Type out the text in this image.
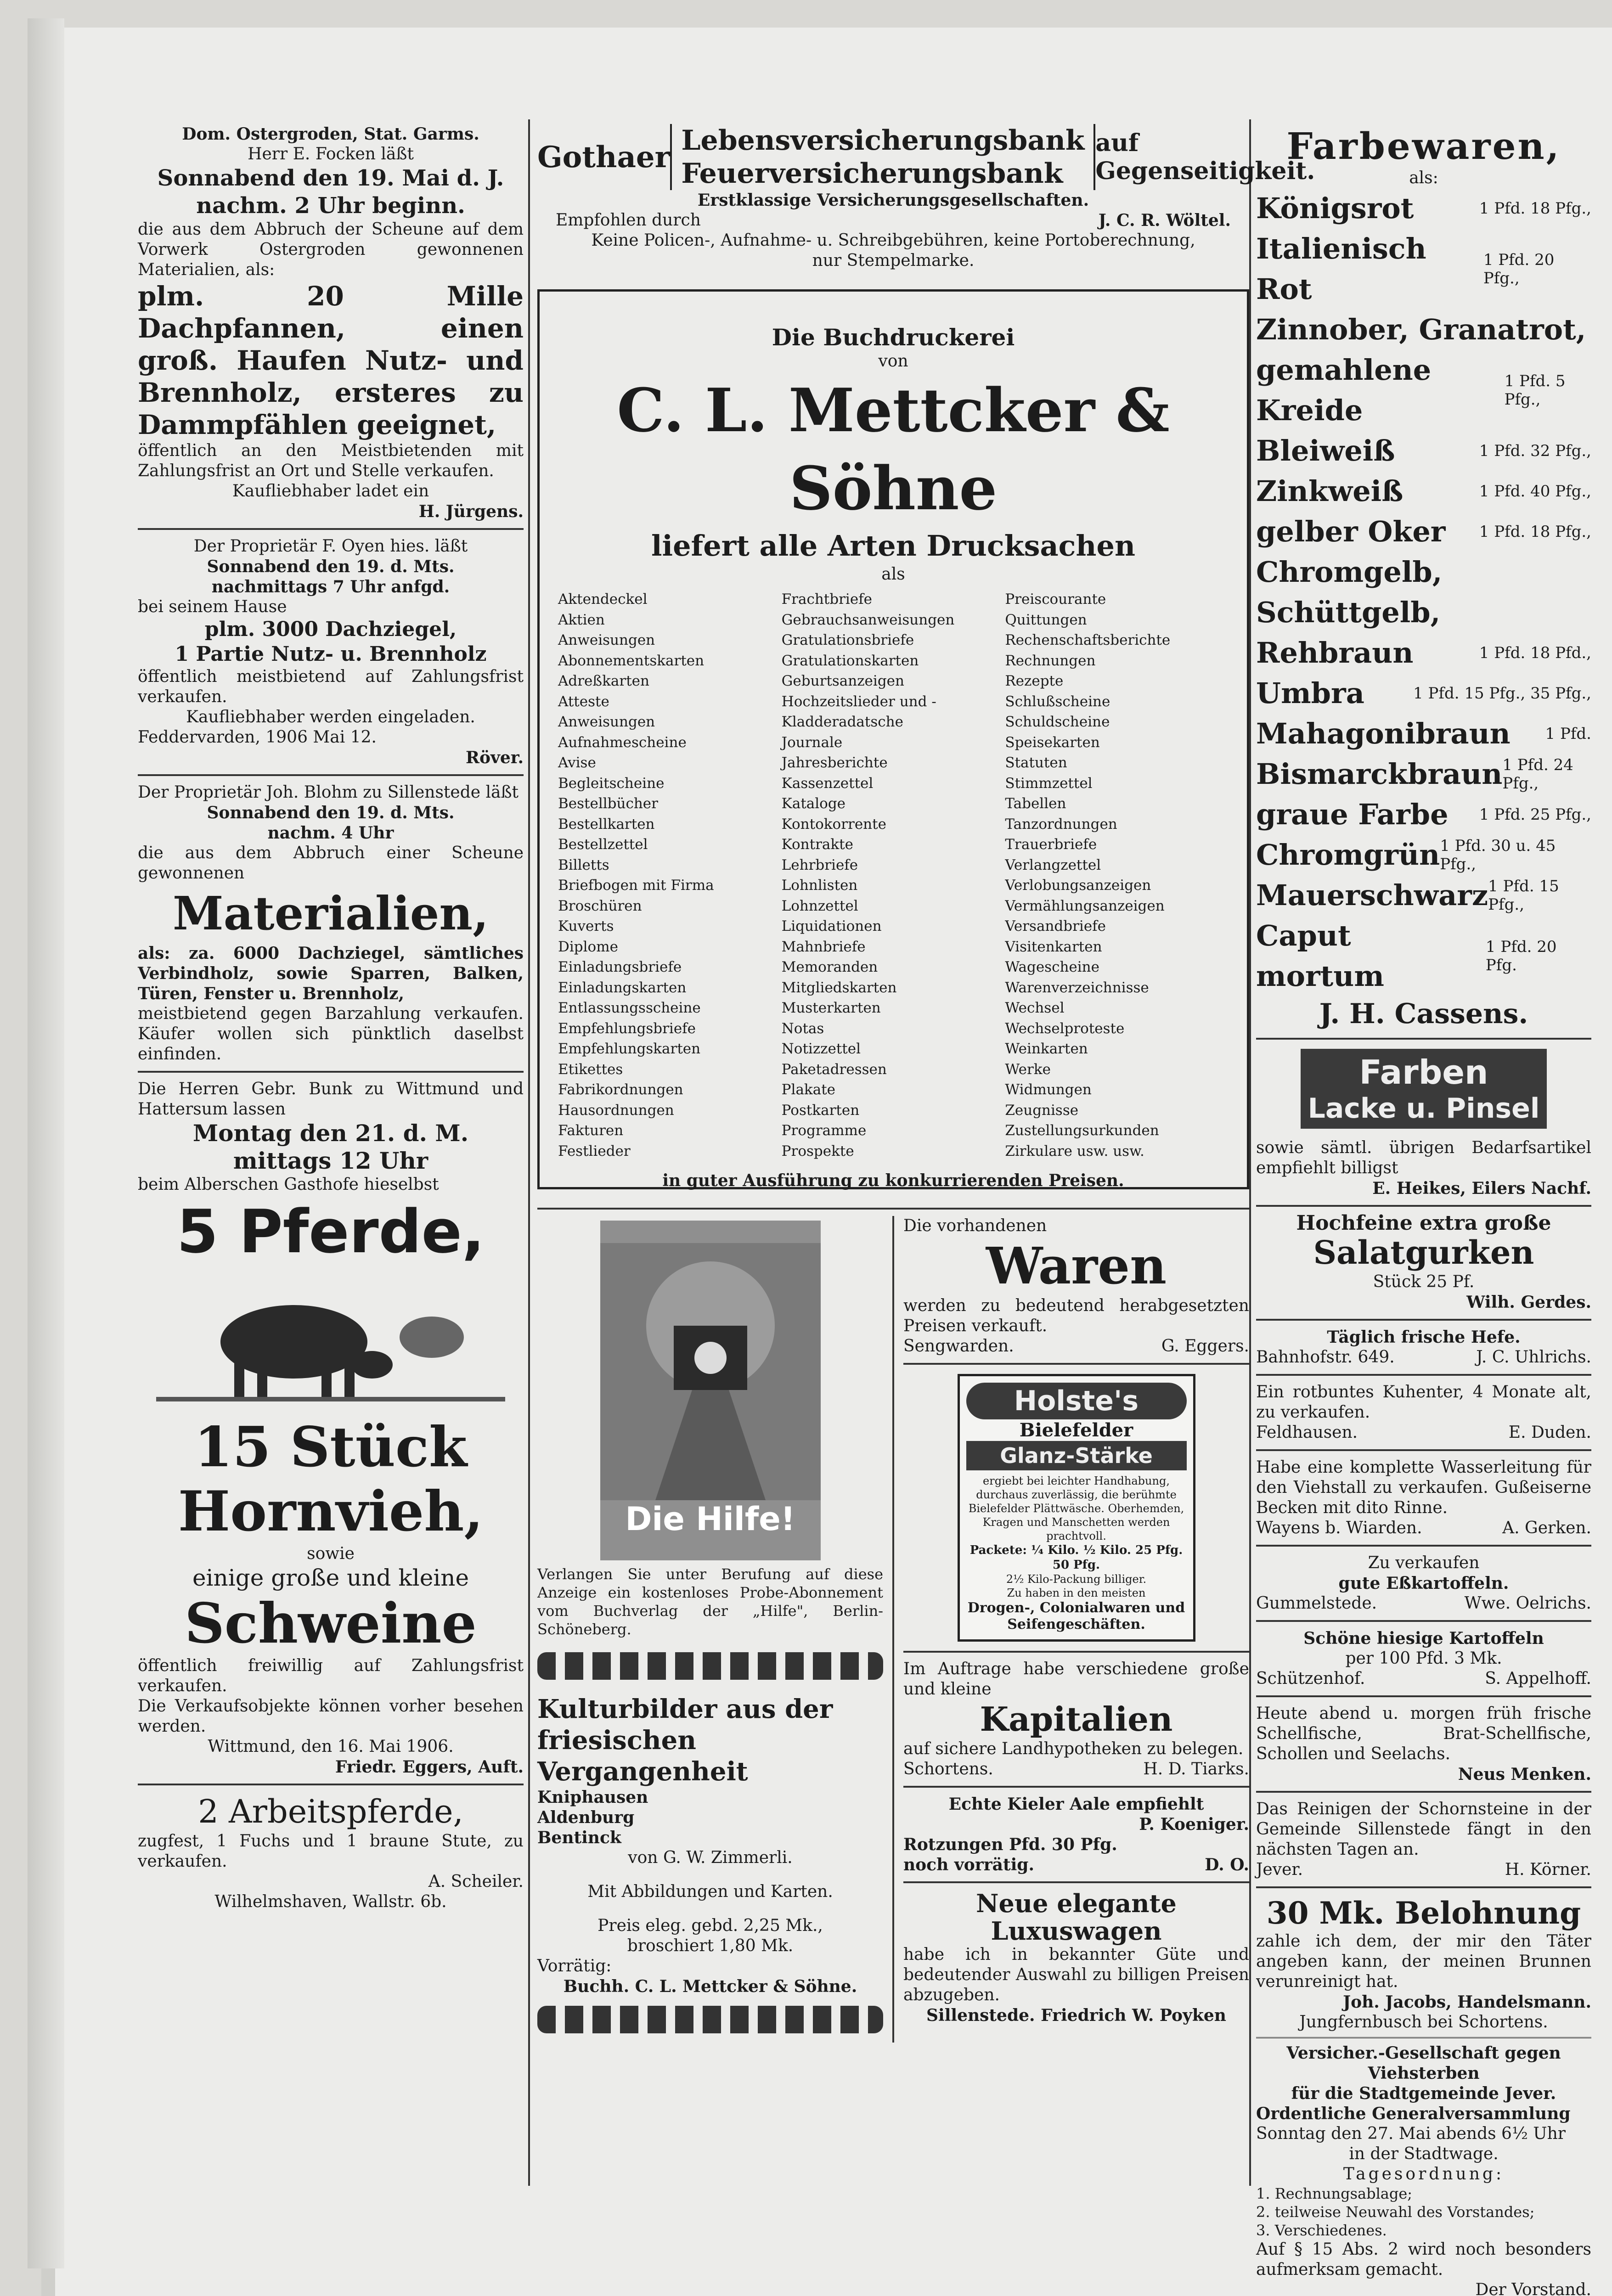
Dom. Ostergroden, Stat. Garms.
Herr E. Focken läßt
Sonnabend den 19. Mai d. J.
nachm. 2 Uhr beginn.
die aus dem Abbruch der Scheune auf dem Vorwerk Ostergroden gewonnenen Materialien, als:
plm. 20 Mille Dachpfannen, einen groß. Haufen Nutz- und Brennholz, ersteres zu Dammpfählen geeignet,
öffentlich an den Meistbietenden mit Zahlungsfrist an Ort und Stelle verkaufen.
Kaufliebhaber ladet ein
H. Jürgens.
Der Proprietär F. Oyen hies. läßt
Sonnabend den 19. d. Mts.
nachmittags 7 Uhr anfgd.
bei seinem Hause
plm. 3000 Dachziegel,
1 Partie Nutz- u. Brennholz
öffentlich meistbietend auf Zahlungsfrist verkaufen.
Kaufliebhaber werden eingeladen.
Feddervarden, 1906 Mai 12.
Röver.
Der Proprietär Joh. Blohm zu Sillenstede läßt
Sonnabend den 19. d. Mts.
nachm. 4 Uhr
die aus dem Abbruch einer Scheune gewonnenen
Materialien,
als: za. 6000 Dachziegel, sämtliches Verbindholz, sowie Sparren, Balken, Türen, Fenster u. Brennholz,
meistbietend gegen Barzahlung verkaufen. Käufer wollen sich pünktlich daselbst einfinden.
Die Herren Gebr. Bunk zu Wittmund und Hattersum lassen
Montag den 21. d. M.
mittags 12 Uhr
beim Alberschen Gasthofe hieselbst
5 Pferde,
15 Stück
Hornvieh,
sowie
einige große und kleine
Schweine
öffentlich freiwillig auf Zahlungsfrist verkaufen.
Die Verkaufsobjekte können vorher besehen werden.
Wittmund, den 16. Mai 1906.
Friedr. Eggers, Auft.
2 Arbeitspferde,
zugfest, 1 Fuchs und 1 braune Stute, zu verkaufen.
A. Scheiler.
Wilhelmshaven, Wallstr. 6b.
Gothaer Lebensversicherungsbank
Feuerversicherungsbank
auf Gegenseitigkeit.
Erstklassige Versicherungsgesellschaften.
Empfohlen durch	J. C. R. Wöltel.
Keine Policen-, Aufnahme- u. Schreibgebühren, keine Portoberechnung,
nur Stempelmarke.
Die Buchdruckerei
von
C. L. Mettcker & Söhne
liefert alle Arten Drucksachen
als
Aktendeckel
Aktien
Anweisungen
Abonnementskarten
Adreßkarten
Atteste
Anweisungen
Aufnahmescheine
Avise
Begleitscheine
Bestellbücher
Bestellkarten
Bestellzettel
Billetts
Briefbogen mit Firma
Broschüren
Kuverts
Diplome
Einladungsbriefe
Einladungskarten
Entlassungsscheine
Empfehlungsbriefe
Empfehlungskarten
Etikettes
Fabrikordnungen
Hausordnungen
Fakturen
Festlieder
Frachtbriefe
Gebrauchsanweisungen
Gratulationsbriefe
Gratulationskarten
Geburtsanzeigen
Hochzeitslieder und -Kladderadatsche
Journale
Jahresberichte
Kassenzettel
Kataloge
Kontokorrente
Kontrakte
Lehrbriefe
Lohnlisten
Lohnzettel
Liquidationen
Mahnbriefe
Memoranden
Mitgliedskarten
Musterkarten
Notas
Notizzettel
Paketadressen
Plakate
Postkarten
Programme
Prospekte
Preiscourante
Quittungen
Rechenschaftsberichte
Rechnungen
Rezepte
Schlußscheine
Schuldscheine
Speisekarten
Statuten
Stimmzettel
Tabellen
Tanzordnungen
Trauerbriefe
Verlangzettel
Verlobungsanzeigen
Vermählungsanzeigen
Versandbriefe
Visitenkarten
Wagescheine
Warenverzeichnisse
Wechsel
Wechselproteste
Weinkarten
Werke
Widmungen
Zeugnisse
Zustellungsurkunden
Zirkulare usw. usw.
in guter Ausführung zu konkurrierenden Preisen.
Die Hilfe!
Verlangen Sie unter Berufung auf diese Anzeige ein kostenloses Probe-Abonnement vom Buchverlag der „Hilfe", Berlin-Schöneberg.
Kulturbilder aus der
friesischen Vergangenheit
Kniphausen
Aldenburg
Bentinck
von G. W. Zimmerli.
Mit Abbildungen und Karten.
Preis eleg. gebd. 2,25 Mk.,
broschiert 1,80 Mk.
Vorrätig:
Buchh. C. L. Mettcker & Söhne.
Die vorhandenen
Waren
werden zu bedeutend herabgesetzten Preisen verkauft.
Sengwarden.	G. Eggers.
Holste's
Bielefelder
Glanz-Stärke
ergiebt bei leichter Handhabung, durchaus zuverlässig, die berühmte Bielefelder Plättwäsche. Oberhemden, Kragen und Manschetten werden prachtvoll.
Packete: ¼ Kilo. ½ Kilo. 25 Pfg. 50 Pfg.
2½ Kilo-Packung billiger.
Zu haben in den meisten
Drogen-, Colonialwaren und Seifengeschäften.
Im Auftrage habe verschiedene große und kleine
Kapitalien
auf sichere Landhypotheken zu belegen.
Schortens.	H. D. Tiarks.
Echte Kieler Aale empfiehlt
P. Koeniger.
Rotzungen Pfd. 30 Pfg.
noch vorrätig.	D. O.
Neue elegante Luxuswagen
habe ich in bekannter Güte und bedeutender Auswahl zu billigen Preisen abzugeben.
Sillenstede. Friedrich W. Poyken
Farbewaren,
als:
Königsrot	1 Pfd. 18 Pfg.,
Italienisch Rot
1 Pfd. 20 Pfg.,
Zinnober, Granatrot,
gemahlene Kreide
1 Pfd. 5 Pfg.,
Bleiweiß	1 Pfd. 32 Pfg.,
Zinkweiß	1 Pfd. 40 Pfg.,
gelber Oker 1 Pfd. 18 Pfg.,
Chromgelb, Schüttgelb,
Rehbraun	1 Pfd. 18 Pfd.,
Umbra	1 Pfd. 15 Pfg., 35 Pfg.,
Mahagonibraun 1 Pfd.
Bismarckbraun 1 Pfd. 24 Pfg.,
graue Farbe 1 Pfd. 25 Pfg.,
Chromgrün 1 Pfd. 30 u. 45 Pfg.,
Mauerschwarz 1 Pfd. 15 Pfg.,
Caput mortum
1 Pfd. 20 Pfg.
J. H. Cassens.
Farben
Lacke u. Pinsel
sowie sämtl. übrigen Bedarfsartikel empfiehlt billigst
E. Heikes, Eilers Nachf.
Hochfeine extra große
Salatgurken
Stück 25 Pf.
Wilh. Gerdes.
Täglich frische Hefe.
Bahnhofstr. 649.	J. C. Uhlrichs.
Ein rotbuntes Kuhenter, 4 Monate alt, zu verkaufen.
Feldhausen.	E. Duden.
Habe eine komplette Wasserleitung für den Viehstall zu verkaufen. Gußeiserne Becken mit dito Rinne.
Wayens b. Wiarden.	A. Gerken.
Zu verkaufen
gute Eßkartoffeln.
Gummelstede.	Wwe. Oelrichs.
Schöne hiesige Kartoffeln
per 100 Pfd. 3 Mk.
Schützenhof.	S. Appelhoff.
Heute abend u. morgen früh frische Schellfische, Brat-Schellfische, Schollen und Seelachs.
Neus Menken.
Das Reinigen der Schornsteine in der Gemeinde Sillenstede fängt in den nächsten Tagen an.
Jever.	H. Körner.
30 Mk. Belohnung
zahle ich dem, der mir den Täter angeben kann, der meinen Brunnen verunreinigt hat.
Joh. Jacobs, Handelsmann.
Jungfernbusch bei Schortens.
Versicher.-Gesellschaft gegen Viehsterben
für die Stadtgemeinde Jever.
Ordentliche Generalversammlung
Sonntag den 27. Mai abends 6½ Uhr
in der Stadtwage.
Tagesordnung:
1. Rechnungsablage;
2. teilweise Neuwahl des Vorstandes;
3. Verschiedenes.
Auf § 15 Abs. 2 wird noch besonders aufmerksam gemacht.
Der Vorstand.
